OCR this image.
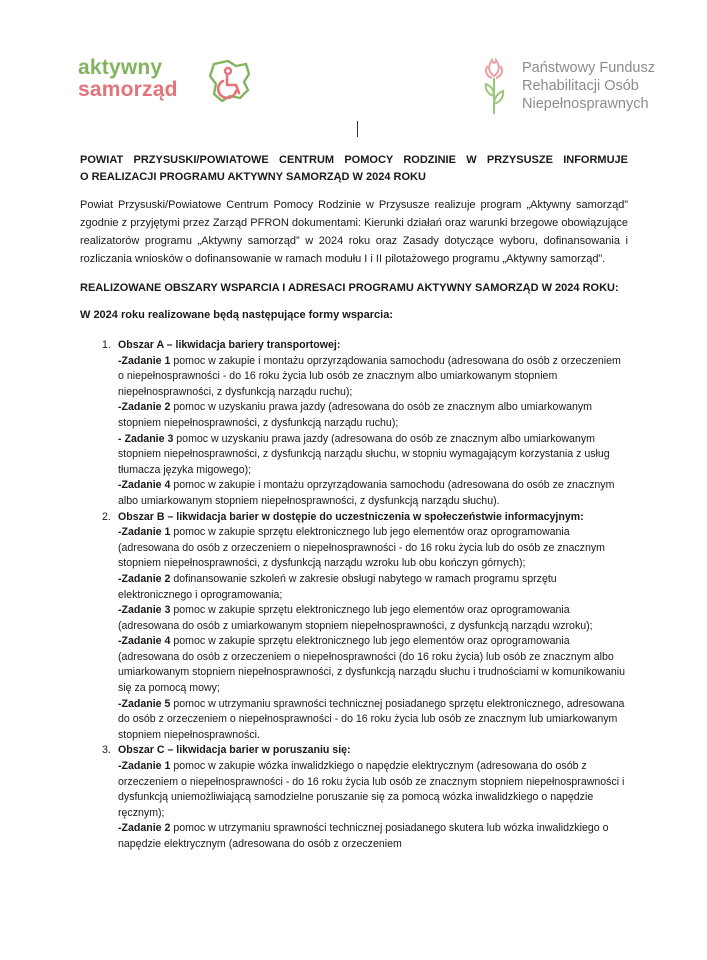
aktywny
samorząd
Państwowy Fundusz
Rehabilitacji Osób
Niepełnosprawnych
POWIAT PRZYSUSKI/POWIATOWE CENTRUM POMOCY RODZINIE W PRZYSUSZE INFORMUJE
O REALIZACJI PROGRAMU AKTYWNY SAMORZĄD W 2024 ROKU
Powiat Przysuski/Powiatowe Centrum Pomocy Rodzinie w Przysusze realizuje program „Aktywny samorząd” zgodnie z przyjętymi przez Zarząd PFRON dokumentami: Kierunki działań oraz warunki brzegowe obowiązujące realizatorów programu „Aktywny samorząd” w 2024 roku oraz Zasady dotyczące wyboru, dofinansowania i rozliczania wniosków o dofinansowanie w ramach modułu I i II pilotażowego programu „Aktywny samorząd”.
REALIZOWANE OBSZARY WSPARCIA I ADRESACI PROGRAMU AKTYWNY SAMORZĄD W 2024 ROKU:
W 2024 roku realizowane będą następujące formy wsparcia:
1. Obszar A – likwidacja bariery transportowej:
-Zadanie 1 pomoc w zakupie i montażu oprzyrządowania samochodu (adresowana do osób z orzeczeniem o niepełnosprawności - do 16 roku życia lub osób ze znacznym albo umiarkowanym stopniem niepełnosprawności, z dysfunkcją narządu ruchu);
-Zadanie 2 pomoc w uzyskaniu prawa jazdy (adresowana do osób ze znacznym albo umiarkowanym stopniem niepełnosprawności, z dysfunkcją narządu ruchu);
- Zadanie 3 pomoc w uzyskaniu prawa jazdy (adresowana do osób ze znacznym albo umiarkowanym stopniem niepełnosprawności, z dysfunkcją narządu słuchu, w stopniu wymagającym korzystania z usług tłumacza języka migowego);
-Zadanie 4 pomoc w zakupie i montażu oprzyrządowania samochodu (adresowana do osób ze znacznym albo umiarkowanym stopniem niepełnosprawności, z dysfunkcją narządu słuchu).
2. Obszar B – likwidacja barier w dostępie do uczestniczenia w społeczeństwie informacyjnym:
-Zadanie 1 pomoc w zakupie sprzętu elektronicznego lub jego elementów oraz oprogramowania (adresowana do osób z orzeczeniem o niepełnosprawności - do 16 roku życia lub do osób ze znacznym stopniem niepełnosprawności, z dysfunkcją narządu wzroku lub obu kończyn górnych);
-Zadanie 2 dofinansowanie szkoleń w zakresie obsługi nabytego w ramach programu sprzętu elektronicznego i oprogramowania;
-Zadanie 3 pomoc w zakupie sprzętu elektronicznego lub jego elementów oraz oprogramowania (adresowana do osób z umiarkowanym stopniem niepełnosprawności, z dysfunkcją narządu wzroku);
-Zadanie 4 pomoc w zakupie sprzętu elektronicznego lub jego elementów oraz oprogramowania (adresowana do osób z orzeczeniem o niepełnosprawności (do 16 roku życia) lub osób ze znacznym albo umiarkowanym stopniem niepełnosprawności, z dysfunkcją narządu słuchu i trudnościami w komunikowaniu się za pomocą mowy;
-Zadanie 5 pomoc w utrzymaniu sprawności technicznej posiadanego sprzętu elektronicznego, adresowana do osób z orzeczeniem o niepełnosprawności - do 16 roku życia lub osób ze znacznym lub umiarkowanym stopniem niepełnosprawności.
3. Obszar C – likwidacja barier w poruszaniu się:
-Zadanie 1 pomoc w zakupie wózka inwalidzkiego o napędzie elektrycznym (adresowana do osób z orzeczeniem o niepełnosprawności - do 16 roku życia lub osób ze znacznym stopniem niepełnosprawności i dysfunkcją uniemożliwiającą samodzielne poruszanie się za pomocą wózka inwalidzkiego o napędzie ręcznym);
-Zadanie 2 pomoc w utrzymaniu sprawności technicznej posiadanego skutera lub wózka inwalidzkiego o napędzie elektrycznym (adresowana do osób z orzeczeniem
